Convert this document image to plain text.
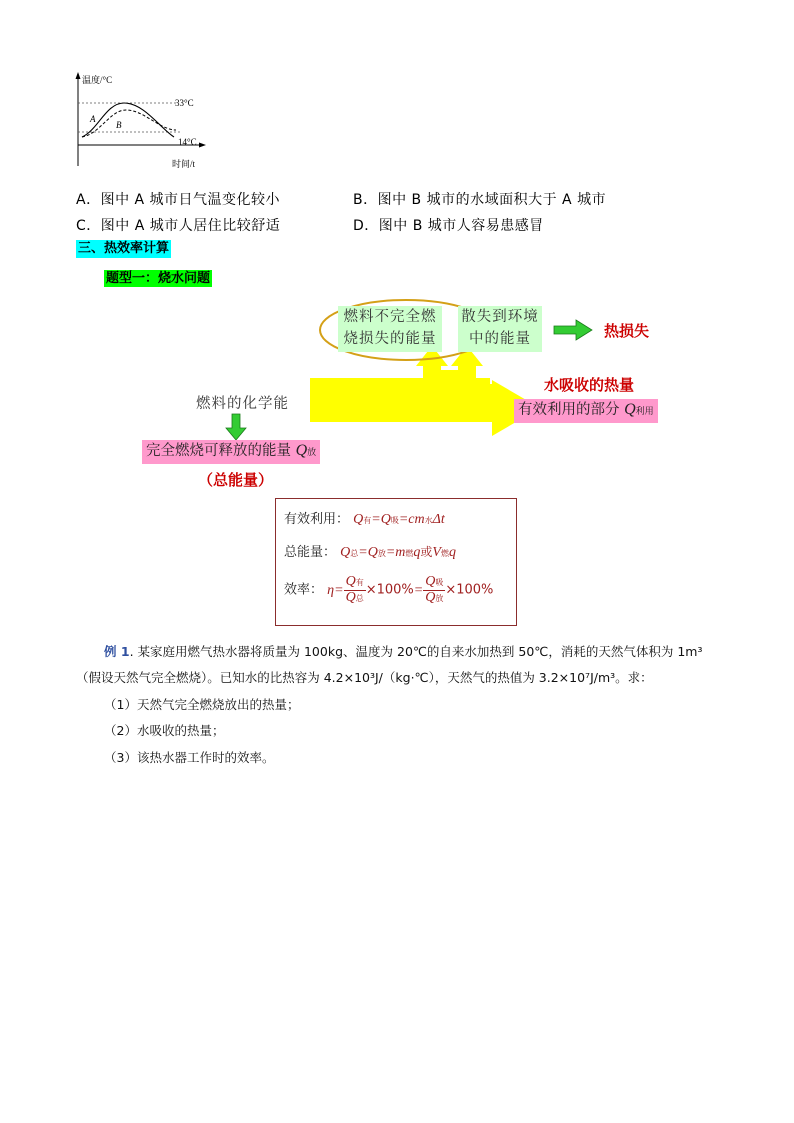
温度/°C
时间/t
33°C
14°C
A
B
A．图中 A 城市日气温变化较小	B．图中 B 城市的水域面积大于 A 城市
C．图中 A 城市人居住比较舒适	D．图中 B 城市人容易患感冒
三、热效率计算
题型一：烧水问题
燃料不完全燃
烧损失的能量
散失到环境
中的能量	热损失
燃料的化学能
水吸收的热量
有效利用的部分 Q利用
完全燃烧可释放的能量 Q放
（总能量）
有效利用： Q有=Q吸=cm水Δt
总能量： Q总=Q放=m燃q或V燃q
效率： $\eta= \frac{\text{Q有}}{\text{Q总}} \times 100\%= \frac{\text{Q吸}}{\text{Q放}} \times 100\%$
例 1. 某家庭用燃气热水器将质量为 100kg、温度为 20℃的自来水加热到 50℃，消耗的天然气体积为 1m³
（假设天然气完全燃烧）。已知水的比热容为 4.2×10³J/（kg·℃），天然气的热值为 3.2×10⁷J/m³。求：
（1）天然气完全燃烧放出的热量；
（2）水吸收的热量；
（3）该热水器工作时的效率。
